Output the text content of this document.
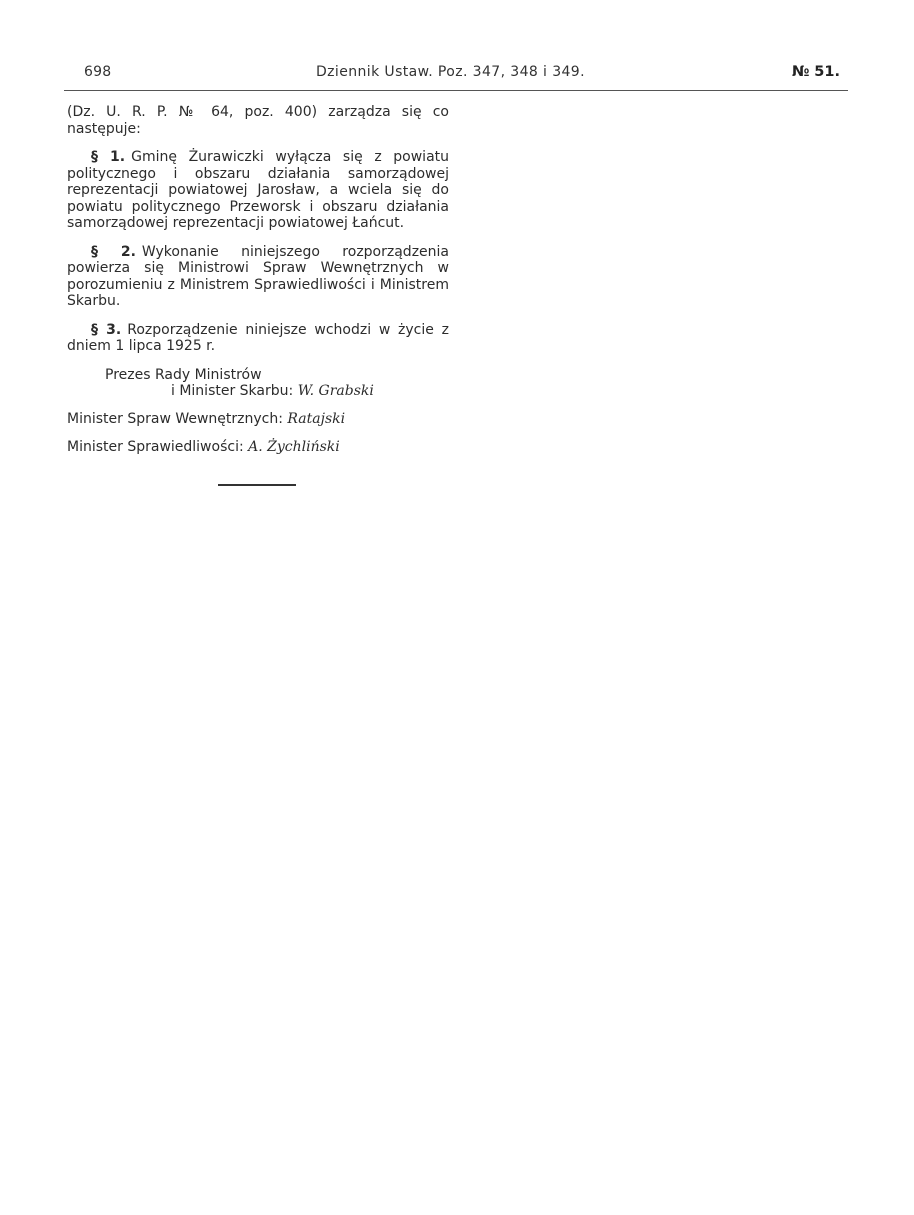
698	Dziennik Ustaw. Poz. 347, 348 i 349.	№ 51.

(Dz. U. R. P. № 64, poz. 400) zarządza się co następuje:

§ 1. Gminę Żurawiczki wyłącza się z powiatu politycznego i obszaru działania samorządowej reprezentacji powiatowej Jarosław, a wciela się do powiatu politycznego Przeworsk i obszaru działania samorządowej reprezentacji powiatowej Łańcut.

§ 2. Wykonanie niniejszego rozporządzenia powierza się Ministrowi Spraw Wewnętrznych w porozumieniu z Ministrem Sprawiedliwości i Ministrem Skarbu.

§ 3. Rozporządzenie niniejsze wchodzi w życie z dniem 1 lipca 1925 r.

Prezes Rady Ministrów

i Minister Skarbu: W. Grabski

Minister Spraw Wewnętrznych: Ratajski

Minister Sprawiedliwości: A. Żychliński
